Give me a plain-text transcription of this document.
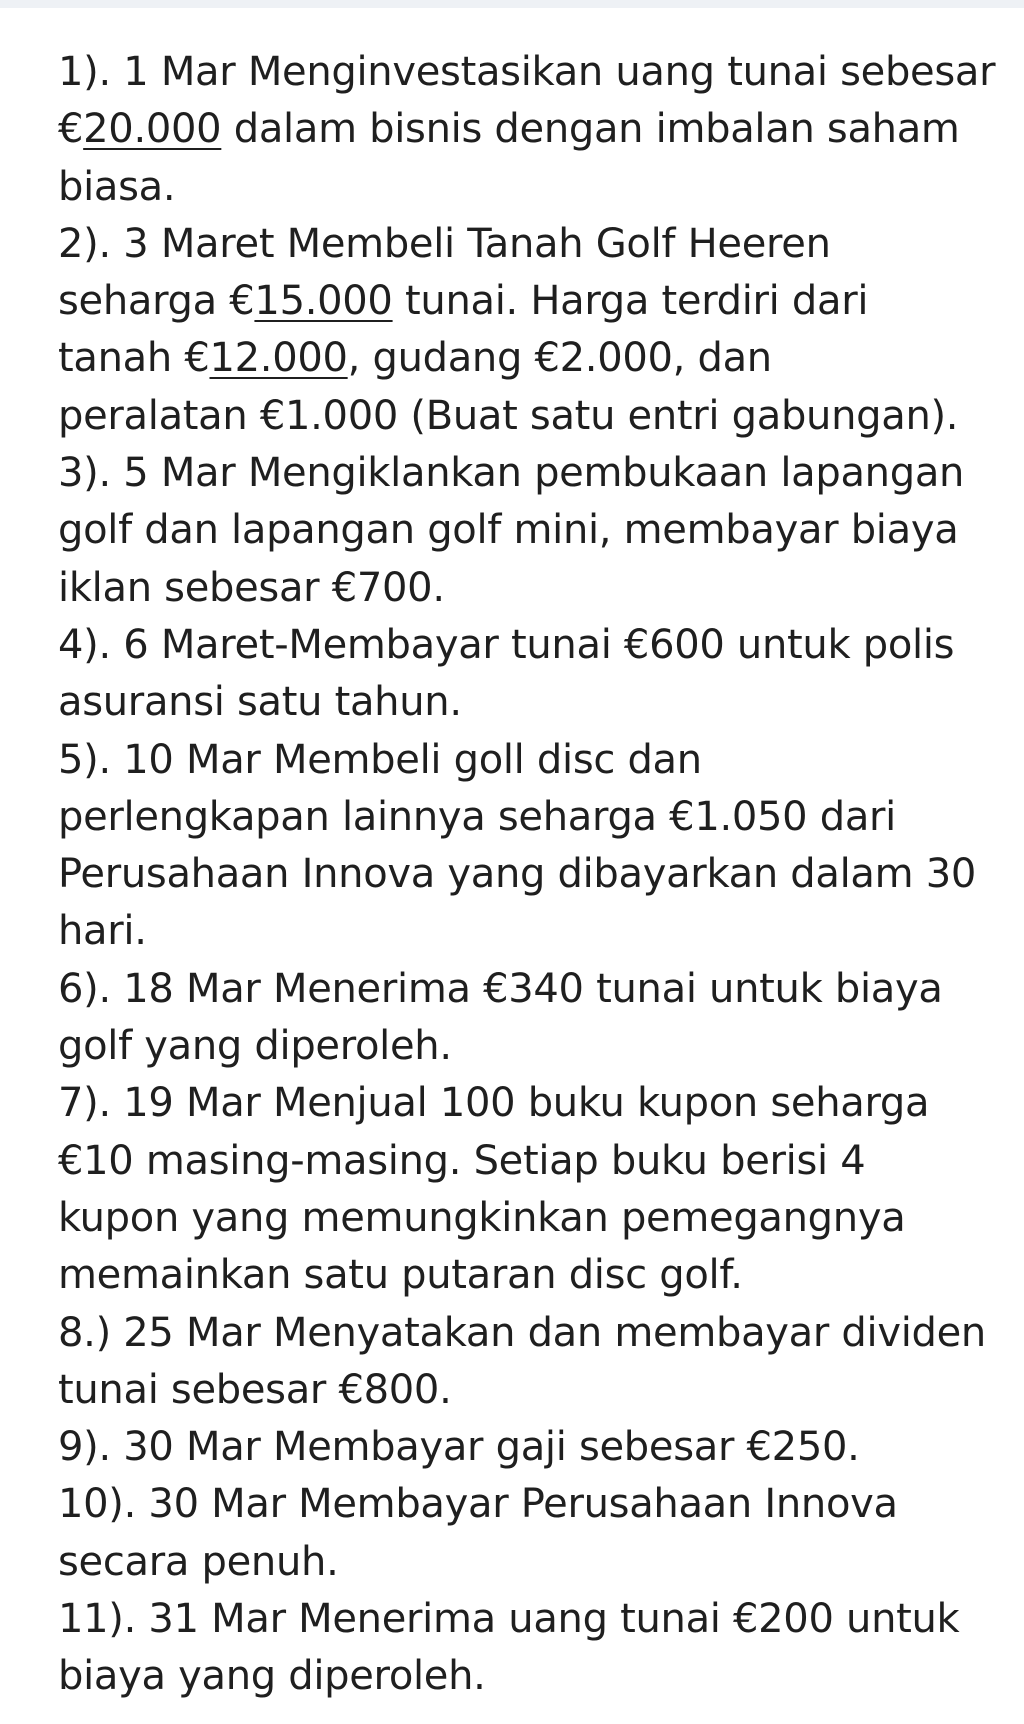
1). 1 Mar Menginvestasikan uang tunai sebesar
€20.000 dalam bisnis dengan imbalan saham
biasa.
2). 3 Maret Membeli Tanah Golf Heeren
seharga €15.000 tunai. Harga terdiri dari
tanah €12.000, gudang €2.000, dan
peralatan €1.000 (Buat satu entri gabungan).
3). 5 Mar Mengiklankan pembukaan lapangan
golf dan lapangan golf mini, membayar biaya
iklan sebesar €700.
4). 6 Maret-Membayar tunai €600 untuk polis
asuransi satu tahun.
5). 10 Mar Membeli goll disc dan
perlengkapan lainnya seharga €1.050 dari
Perusahaan Innova yang dibayarkan dalam 30
hari.
6). 18 Mar Menerima €340 tunai untuk biaya
golf yang diperoleh.
7). 19 Mar Menjual 100 buku kupon seharga
€10 masing-masing. Setiap buku berisi 4
kupon yang memungkinkan pemegangnya
memainkan satu putaran disc golf.
8.) 25 Mar Menyatakan dan membayar dividen
tunai sebesar €800.
9). 30 Mar Membayar gaji sebesar €250.
10). 30 Mar Membayar Perusahaan Innova
secara penuh.
11). 31 Mar Menerima uang tunai €200 untuk
biaya yang diperoleh.
